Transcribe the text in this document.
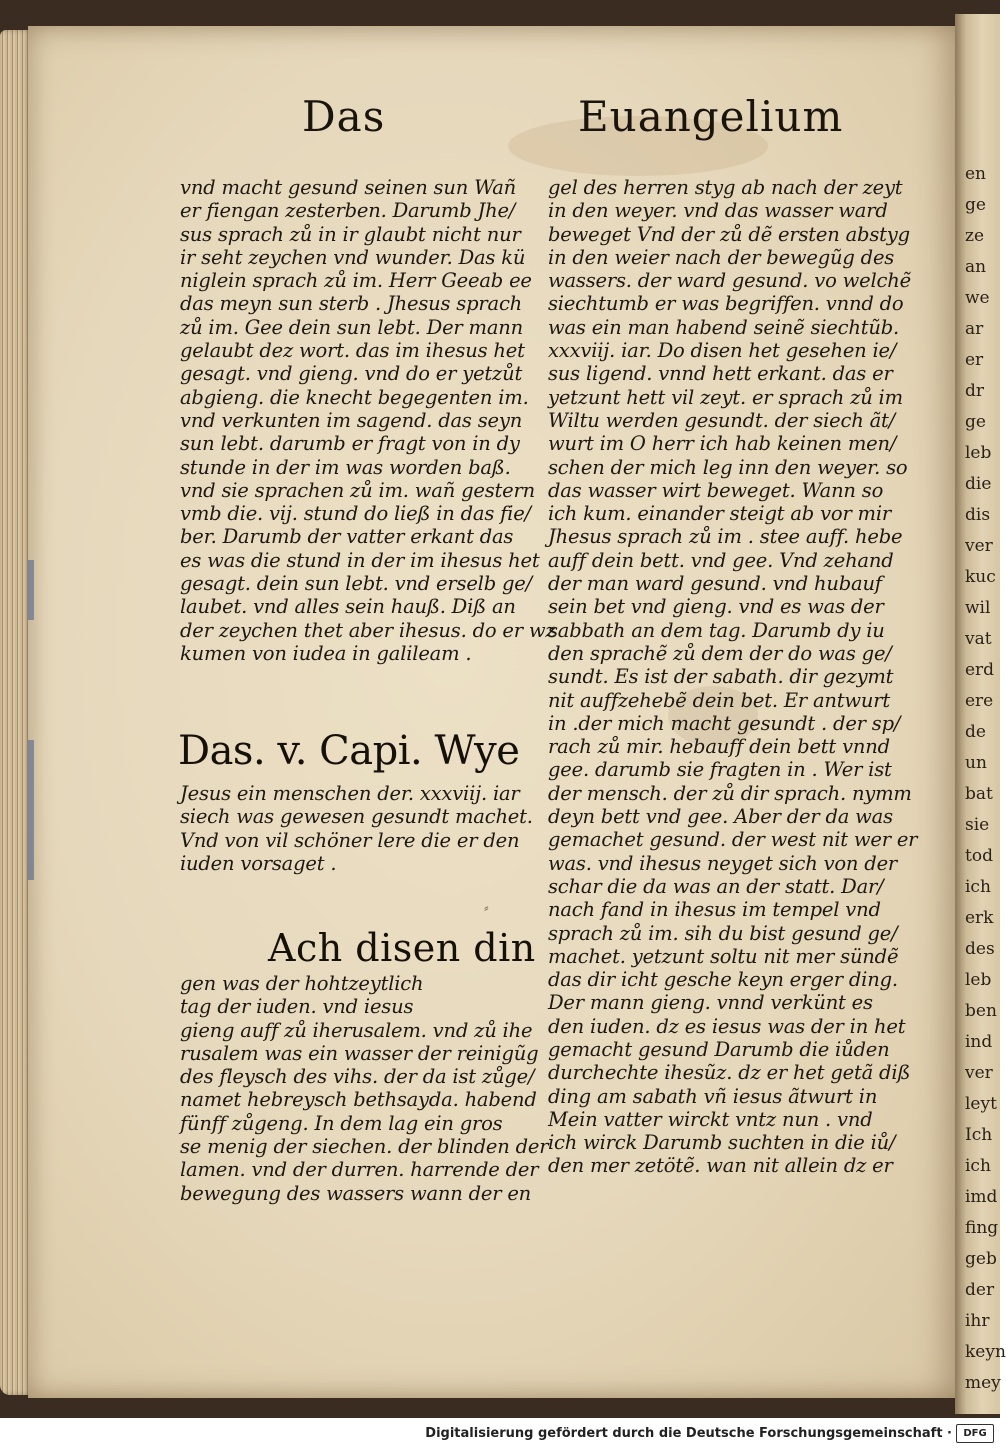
en
ge
ze
an
we
ar
er
dr
ge
leb
die
dis
ver
kuc
wil
vat
erd
ere
de
un
bat
sie
tod
ich
erk
des
leb
ben
ind
ver
leyt
Ich
ich
imd
fing
geb
der
ihr
keyn
mey
Das	Euangelium
vnd macht gesund seinen sun Wañ
er fiengan zesterben. Darumb Jhe/
sus sprach zů in ir glaubt nicht nur
ir seht zeychen vnd wunder. Das kü
niglein sprach zů im. Herr Geeab ee
das meyn sun sterb . Jhesus sprach
zů im. Gee dein sun lebt. Der mann
gelaubt dez wort. das im ihesus het
gesagt. vnd gieng. vnd do er yetzůt
abgieng. die knecht begegenten im.
vnd verkunten im sagend. das seyn
sun lebt. darumb er fragt von in dy
stunde in der im was worden baß.
vnd sie sprachen zů im. wañ gestern
vmb die. vij. stund do ließ in das fie/
ber. Darumb der vatter erkant das
es was die stund in der im ihesus het
gesagt. dein sun lebt. vnd erselb ge/
laubet. vnd alles sein hauß. Diß an
der zeychen thet aber ihesus. do er wz
kumen von iudea in galileam .
Das. v. Capi. Wye
Jesus ein menschen der. xxxviij. iar
siech was gewesen gesundt machet.
Vnd von vil schöner lere die er den
iuden vorsaget .
⸗
Ach disen din
gen was der hohtzeytlich
tag der iuden. vnd iesus
gieng auff zů iherusalem. vnd zů ihe
rusalem was ein wasser der reinigũg
des fleysch des vihs. der da ist zůge/
namet hebreysch bethsayda. habend
fünff zůgeng. In dem lag ein gros
se menig der siechen. der blinden der
lamen. vnd der durren. harrende der
bewegung des wassers wann der en
gel des herren styg ab nach der zeyt
in den weyer. vnd das wasser ward
beweget Vnd der zů dẽ ersten abstyg
in den weier nach der bewegũg des
wassers. der ward gesund. vo welchẽ
siechtumb er was begriffen. vnnd do
was ein man habend seinẽ siechtũb.
xxxviij. iar. Do disen het gesehen ie/
sus ligend. vnnd hett erkant. das er
yetzunt hett vil zeyt. er sprach zů im
Wiltu werden gesundt. der siech ãt/
wurt im O herr ich hab keinen men/
schen der mich leg inn den weyer. so
das wasser wirt beweget. Wann so
ich kum. einander steigt ab vor mir
Jhesus sprach zů im . stee auff. hebe
auff dein bett. vnd gee. Vnd zehand
der man ward gesund. vnd hubauf
sein bet vnd gieng. vnd es was der
sabbath an dem tag. Darumb dy iu
den sprachẽ zů dem der do was ge/
sundt. Es ist der sabath. dir gezymt
nit auffzehebẽ dein bet. Er antwurt
in .der mich macht gesundt . der sp/
rach zů mir. hebauff dein bett vnnd
gee. darumb sie fragten in . Wer ist
der mensch. der zů dir sprach. nymm
deyn bett vnd gee. Aber der da was
gemachet gesund. der west nit wer er
was. vnd ihesus neyget sich von der
schar die da was an der statt. Dar/
nach fand in ihesus im tempel vnd
sprach zů im. sih du bist gesund ge/
machet. yetzunt soltu nit mer sündẽ
das dir icht gesche keyn erger ding.
Der mann gieng. vnnd verkünt es
den iuden. dz es iesus was der in het
gemacht gesund Darumb die iůden
durchechte ihesũz. dz er het getã diß
ding am sabath vñ iesus ãtwurt in
Mein vatter wirckt vntz nun . vnd
ich wirck Darumb suchten in die iů/
den mer zetötẽ. wan nit allein dz er
Digitalisierung gefördert durch die Deutsche Forschungsgemeinschaft ·	DFG
